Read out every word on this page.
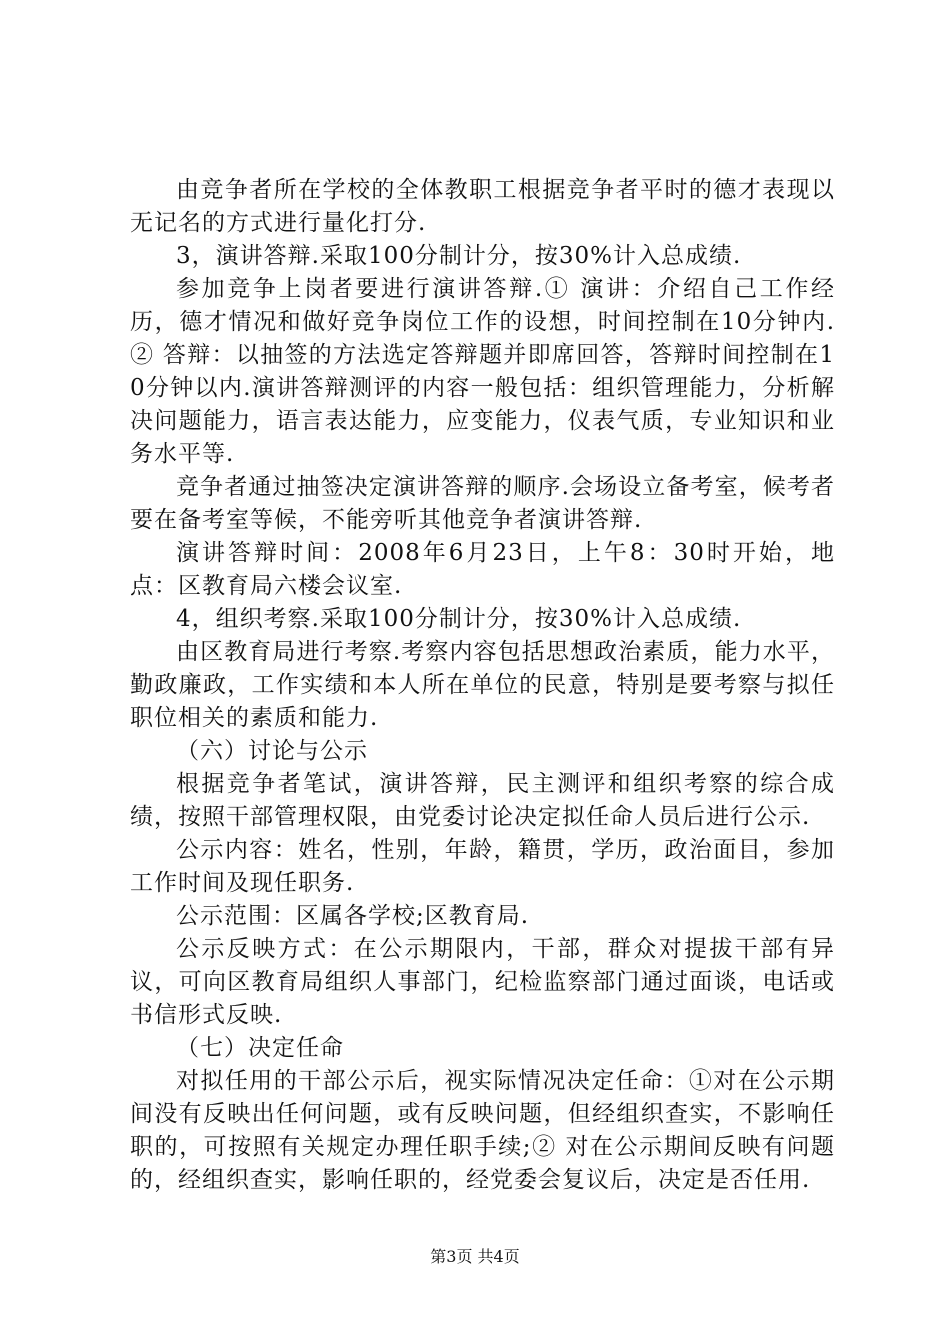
由竞争者所在学校的全体教职工根据竞争者平时的德才表现以无记名的方式进行量化打分.

3，演讲答辩.采取100分制计分，按30%计入总成绩.

参加竞争上岗者要进行演讲答辩.① 演讲：介绍自己工作经历，德才情况和做好竞争岗位工作的设想，时间控制在10分钟内.② 答辩：以抽签的方法选定答辩题并即席回答，答辩时间控制在10分钟以内.演讲答辩测评的内容一般包括：组织管理能力，分析解决问题能力，语言表达能力，应变能力，仪表气质，专业知识和业务水平等.

竞争者通过抽签决定演讲答辩的顺序.会场设立备考室，候考者要在备考室等候，不能旁听其他竞争者演讲答辩.

演讲答辩时间：2008年6月23日，上午8：30时开始，地点：区教育局六楼会议室.

4，组织考察.采取100分制计分，按30%计入总成绩.

由区教育局进行考察.考察内容包括思想政治素质，能力水平，勤政廉政，工作实绩和本人所在单位的民意，特别是要考察与拟任职位相关的素质和能力.

（六）讨论与公示

根据竞争者笔试，演讲答辩，民主测评和组织考察的综合成绩，按照干部管理权限，由党委讨论决定拟任命人员后进行公示.

公示内容：姓名，性别，年龄，籍贯，学历，政治面目，参加工作时间及现任职务.

公示范围：区属各学校;区教育局.

公示反映方式：在公示期限内，干部，群众对提拔干部有异议，可向区教育局组织人事部门，纪检监察部门通过面谈，电话或书信形式反映.

（七）决定任命

对拟任用的干部公示后，视实际情况决定任命：①对在公示期间没有反映出任何问题，或有反映问题，但经组织查实，不影响任职的，可按照有关规定办理任职手续;② 对在公示期间反映有问题的，经组织查实，影响任职的，经党委会复议后，决定是否任用.

第3页 共4页
